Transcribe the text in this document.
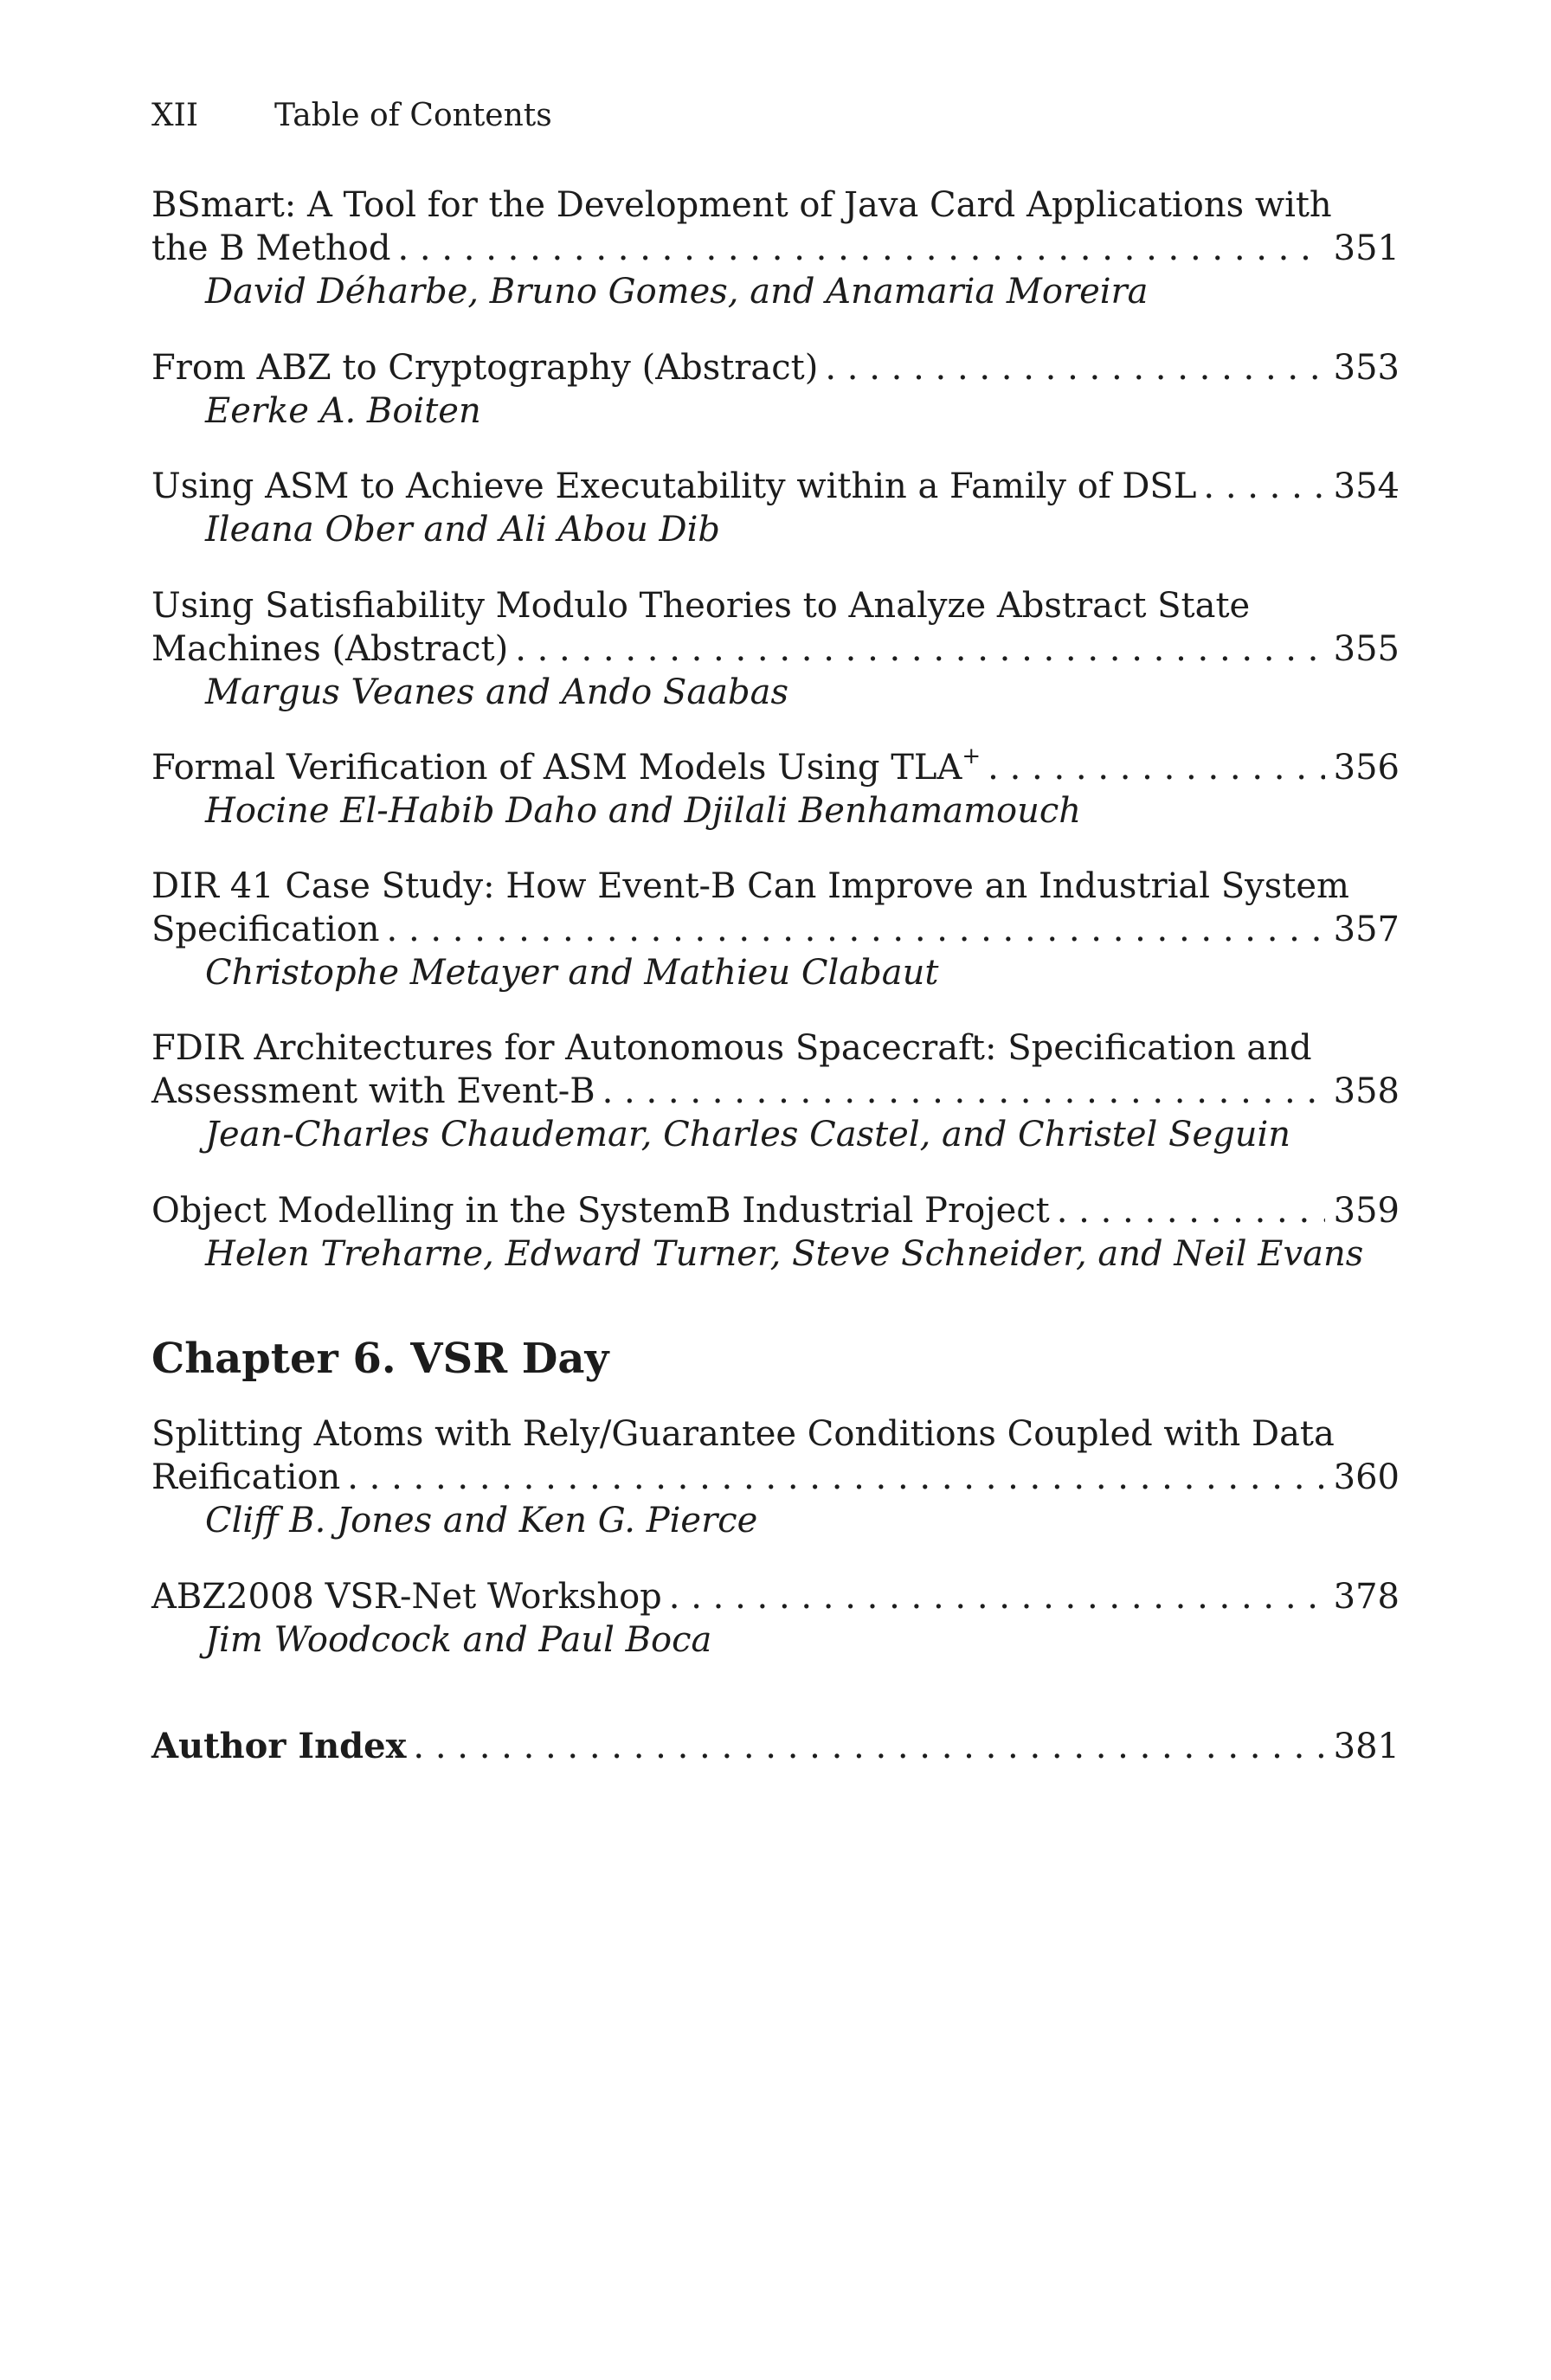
XII Table of Contents
BSmart: A Tool for the Development of Java Card Applications with
the B Method . . .	351
David Déharbe, Bruno Gomes, and Anamaria Moreira
From ABZ to Cryptography (Abstract) . . .	353
Eerke A. Boiten
Using ASM to Achieve Executability within a Family of DSL . . .	354
Ileana Ober and Ali Abou Dib
Using Satisfiability Modulo Theories to Analyze Abstract State
Machines (Abstract) . . .	355
Margus Veanes and Ando Saabas
Formal Verification of ASM Models Using TLA+ . . .	356
Hocine El-Habib Daho and Djilali Benhamamouch
DIR 41 Case Study: How Event-B Can Improve an Industrial System
Specification . . .	357
Christophe Metayer and Mathieu Clabaut
FDIR Architectures for Autonomous Spacecraft: Specification and
Assessment with Event-B . . .	358
Jean-Charles Chaudemar, Charles Castel, and Christel Seguin
Object Modelling in the SystemB Industrial Project . . .	359
Helen Treharne, Edward Turner, Steve Schneider, and Neil Evans
Chapter 6. VSR Day
Splitting Atoms with Rely/Guarantee Conditions Coupled with Data
Reification . . .	360
Cliff B. Jones and Ken G. Pierce
ABZ2008 VSR-Net Workshop . . .	378
Jim Woodcock and Paul Boca
Author Index . . .	381
